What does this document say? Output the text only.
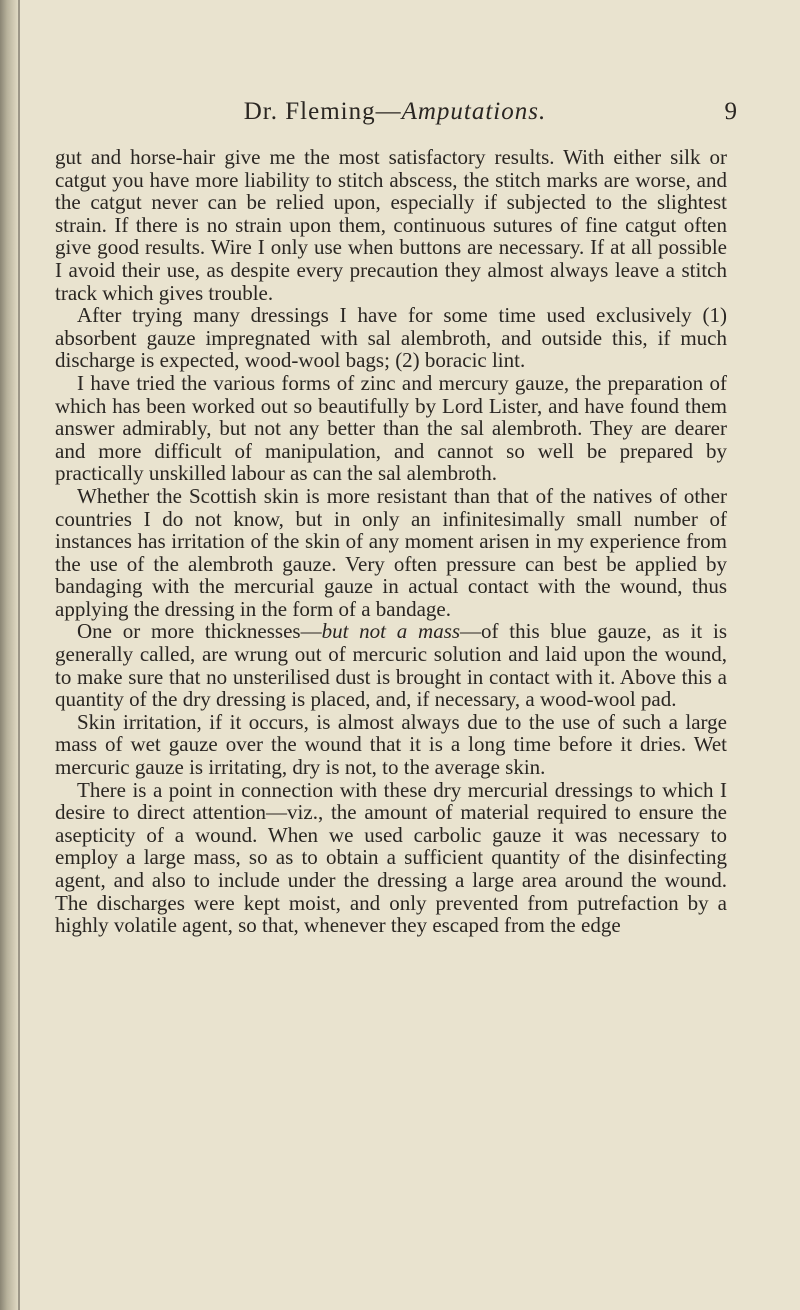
Dr. Fleming—Amputations.	9

gut and horse-hair give me the most satisfactory results. With either silk or catgut you have more liability to stitch abscess, the stitch marks are worse, and the catgut never can be relied upon, especially if subjected to the slightest strain. If there is no strain upon them, continuous sutures of fine catgut often give good results. Wire I only use when buttons are necessary. If at all possible I avoid their use, as despite every precaution they almost always leave a stitch track which gives trouble.

After trying many dressings I have for some time used exclusively (1) absorbent gauze impregnated with sal alembroth, and outside this, if much discharge is expected, wood-wool bags; (2) boracic lint.

I have tried the various forms of zinc and mercury gauze, the preparation of which has been worked out so beautifully by Lord Lister, and have found them answer admirably, but not any better than the sal alembroth. They are dearer and more difficult of manipulation, and cannot so well be prepared by practically unskilled labour as can the sal alembroth.

Whether the Scottish skin is more resistant than that of the natives of other countries I do not know, but in only an infinitesimally small number of instances has irritation of the skin of any moment arisen in my experience from the use of the alembroth gauze. Very often pressure can best be applied by bandaging with the mercurial gauze in actual contact with the wound, thus applying the dressing in the form of a bandage.

One or more thicknesses—but not a mass—of this blue gauze, as it is generally called, are wrung out of mercuric solution and laid upon the wound, to make sure that no unsterilised dust is brought in contact with it. Above this a quantity of the dry dressing is placed, and, if necessary, a wood-wool pad.

Skin irritation, if it occurs, is almost always due to the use of such a large mass of wet gauze over the wound that it is a long time before it dries. Wet mercuric gauze is irritating, dry is not, to the average skin.

There is a point in connection with these dry mercurial dressings to which I desire to direct attention—viz., the amount of material required to ensure the asepticity of a wound. When we used carbolic gauze it was necessary to employ a large mass, so as to obtain a sufficient quantity of the disinfecting agent, and also to include under the dressing a large area around the wound. The discharges were kept moist, and only prevented from putrefaction by a highly volatile agent, so that, whenever they escaped from the edge
